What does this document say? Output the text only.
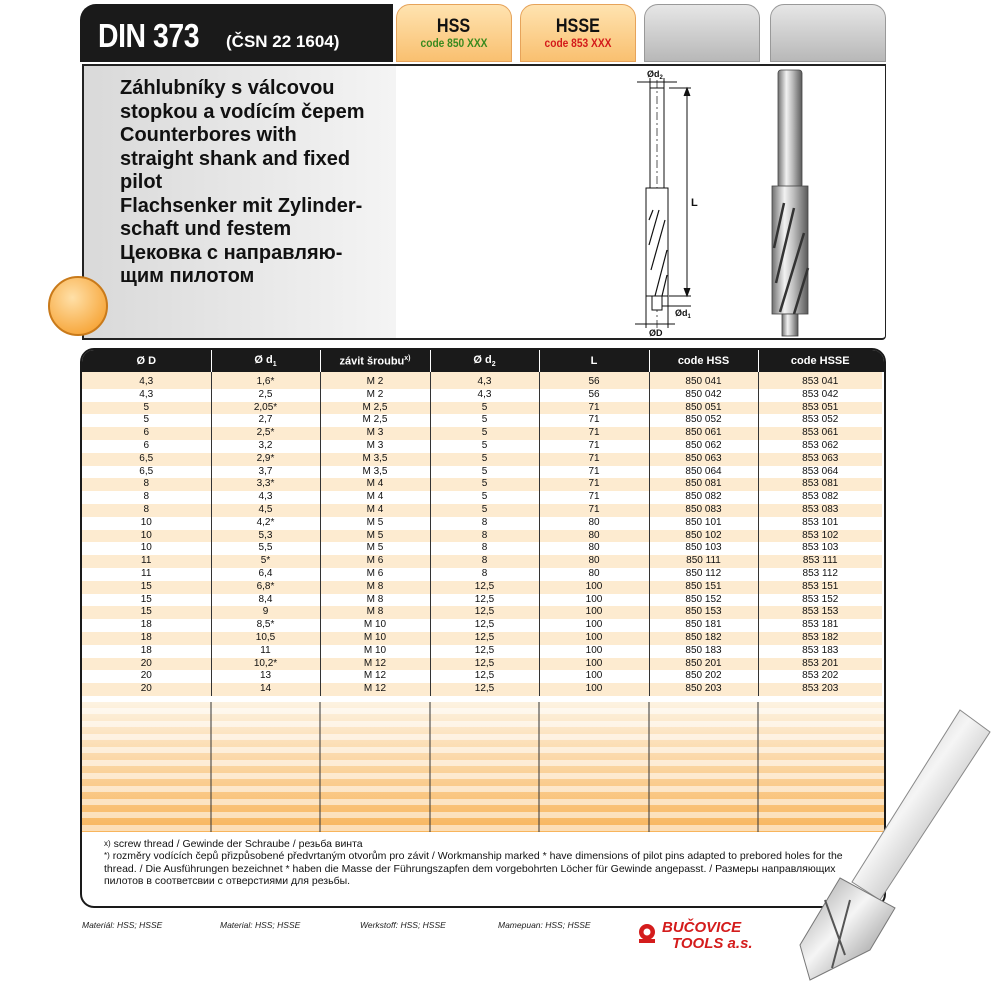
DIN 373 (ČSN 22 1604)
HSS
code 850 XXX
HSSE
code 853 XXX
Záhlubníky s válcovou
stopkou a vodícím čepem
Counterbores with
straight shank and fixed
pilot
Flachsenker mit Zylinder-
schaft und festem
Цековка с направляю-
щим пилотом
$Ød_2$
L
ØD
$Ød_1$
Ø D	Ø $d_1$	závit šroubu$^{x)}$	Ø $d_2$	L	code HSS	code HSSE
4,3	1,6*	M 2	4,3	56	850 041	853 041
4,3	2,5	M 2	4,3	56	850 042	853 042
5	2,05*	M 2,5	5	71	850 051	853 051
5	2,7	M 2,5	5	71	850 052	853 052
6	2,5*	M 3	5	71	850 061	853 061
6	3,2	M 3	5	71	850 062	853 062
6,5	2,9*	M 3,5	5	71	850 063	853 063
6,5	3,7	M 3,5	5	71	850 064	853 064
8	3,3*	M 4	5	71	850 081	853 081
8	4,3	M 4	5	71	850 082	853 082
8	4,5	M 4	5	71	850 083	853 083
10	4,2*	M 5	8	80	850 101	853 101
10	5,3	M 5	8	80	850 102	853 102
10	5,5	M 5	8	80	850 103	853 103
11	5*	M 6	8	80	850 111	853 111
11	6,4	M 6	8	80	850 112	853 112
15	6,8*	M 8	12,5	100	850 151	853 151
15	8,4	M 8	12,5	100	850 152	853 152
15	9	M 8	12,5	100	850 153	853 153
18	8,5*	M 10	12,5	100	850 181	853 181
18	10,5	M 10	12,5	100	850 182	853 182
18	11	M 10	12,5	100	850 183	853 183
20	10,2*	M 12	12,5	100	850 201	853 201
20	13	M 12	12,5	100	850 202	853 202
20	14	M 12	12,5	100	850 203	853 203
$^{x)}$ screw thread / Gewinde der Schraube / резьба винта
*) rozměry vodících čepů přizpůsobené předvrtaným otvorům pro závit / Workmanship marked * have dimensions of pilot pins adapted to prebored holes for the thread. / Die Ausführungen bezeichnet * haben die Masse der Führungszapfen dem vorgebohrten Löcher für Gewinde angepasst. / Размеры направляющих пилотов в соответсвии с отверстиями для резьбы.
Materiál: HSS; HSSE	Material: HSS; HSSE	Werkstoff: HSS; HSSE	Mamepuan: HSS; HSSE	BUČOVICE
TOOLS a.s.
